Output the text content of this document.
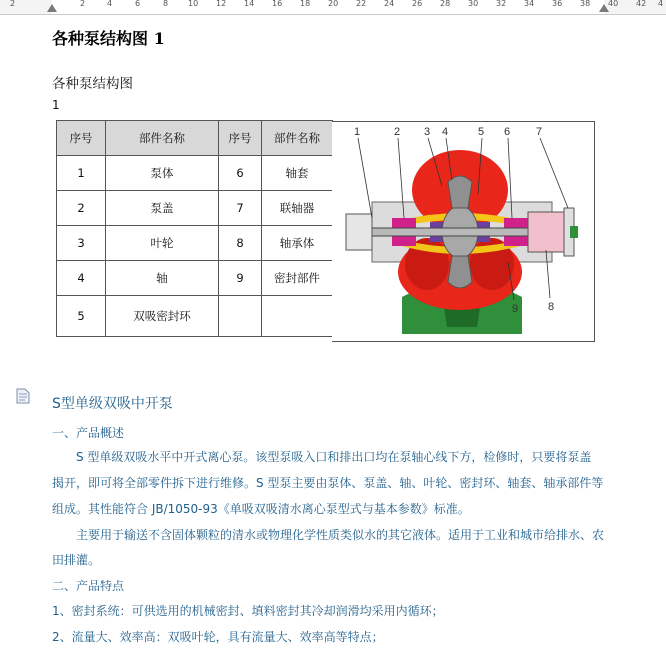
2	2	4	6	8 10 12 14 16 18 20 22 24 26 28 30 32 34 36 38 40 42 4
各种泵结构图 1
各种泵结构图
1
序号	部件名称	序号	部件名称
1	泵体	6	轴套
2	泵盖	7	联轴器
3	叶轮	8	轴承体
4	轴	9	密封部件
5	双吸密封环		
1	2 3 4	5 6 7
8
9
S型单级双吸中开泵
一、产品概述
　　S 型单级双吸水平中开式离心泵。该型泵吸入口和排出口均在泵轴心线下方，检修时，只要将泵盖
揭开，即可将全部零件拆下进行维修。S 型泵主要由泵体、泵盖、轴、叶轮、密封环、轴套、轴承部件等
组成。其性能符合 JB/1050-93《单吸双吸清水离心泵型式与基本参数》标准。
　　主要用于输送不含固体颗粒的清水或物理化学性质类似水的其它液体。适用于工业和城市给排水、农
田排灌。
二、产品特点
1、密封系统：可供选用的机械密封、填料密封其冷却润滑均采用内循环；
2、流量大、效率高：双吸叶轮，具有流量大、效率高等特点；
